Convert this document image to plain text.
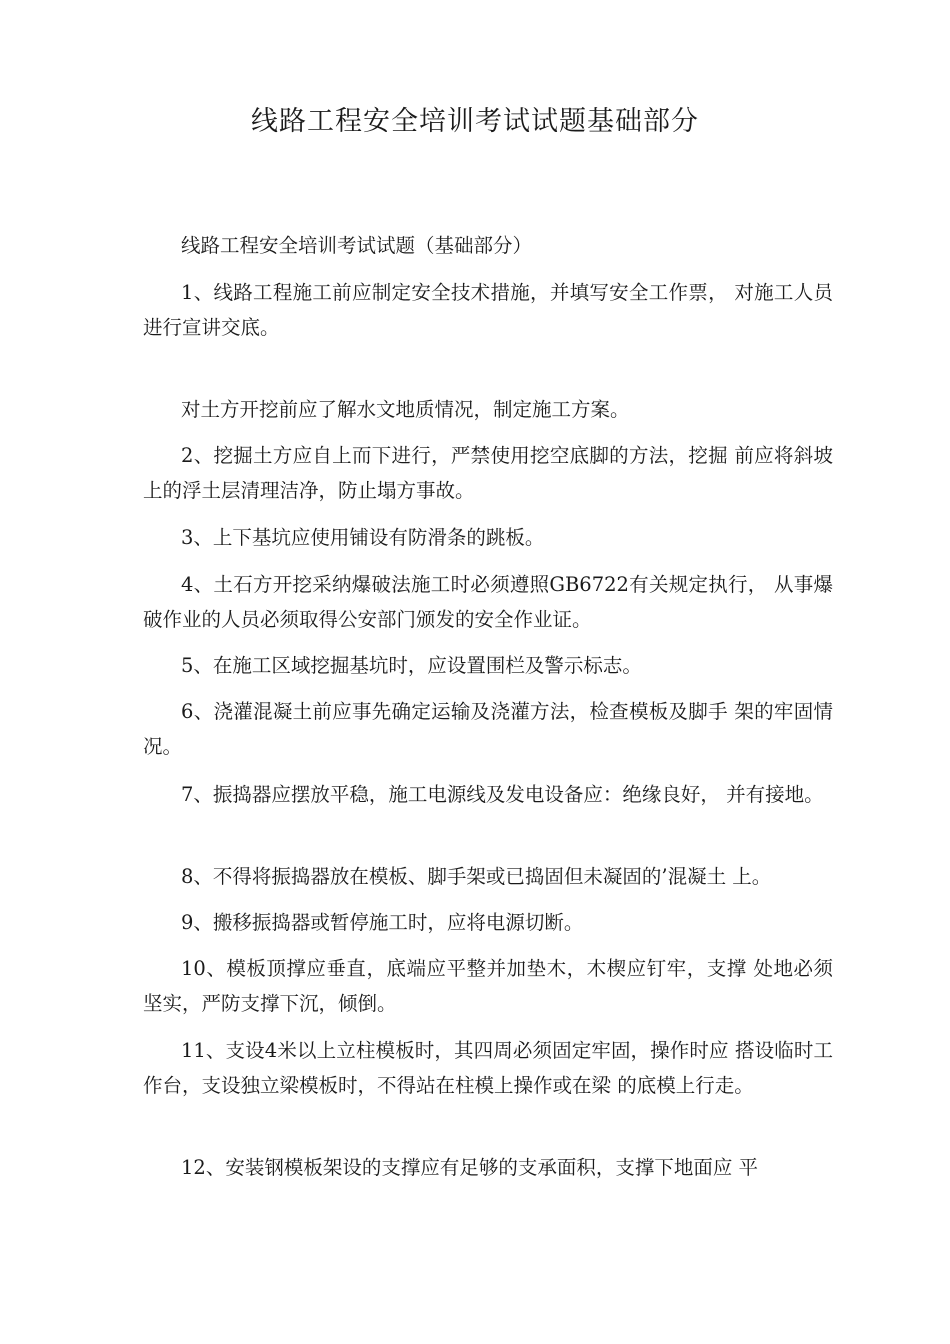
线路工程安全培训考试试题基础部分

线路工程安全培训考试试题（基础部分）

1、线路工程施工前应制定安全技术措施，并填写安全工作票， 对施工人员进行宣讲交底。

对土方开挖前应了解水文地质情况，制定施工方案。

2、挖掘土方应自上而下进行，严禁使用挖空底脚的方法，挖掘 前应将斜坡上的浮土层清理洁净，防止塌方事故。

3、上下基坑应使用铺设有防滑条的跳板。

4、土石方开挖采纳爆破法施工时必须遵照GB6722有关规定执行， 从事爆破作业的人员必须取得公安部门颁发的安全作业证。

5、在施工区域挖掘基坑时，应设置围栏及警示标志。

6、浇灌混凝土前应事先确定运输及浇灌方法，检查模板及脚手 架的牢固情况。

7、振捣器应摆放平稳，施工电源线及发电设备应：绝缘良好， 并有接地。

8、不得将振捣器放在模板、脚手架或已捣固但未凝固的’混凝土 上。

9、搬移振捣器或暂停施工时，应将电源切断。

10、模板顶撑应垂直，底端应平整并加垫木，木楔应钉牢，支撑 处地必须坚实，严防支撑下沉，倾倒。

11、支设4米以上立柱模板时，其四周必须固定牢固，操作时应 搭设临时工作台，支设独立梁模板时，不得站在柱模上操作或在梁 的底模上行走。

12、安装钢模板架设的支撑应有足够的支承面积，支撑下地面应 平
